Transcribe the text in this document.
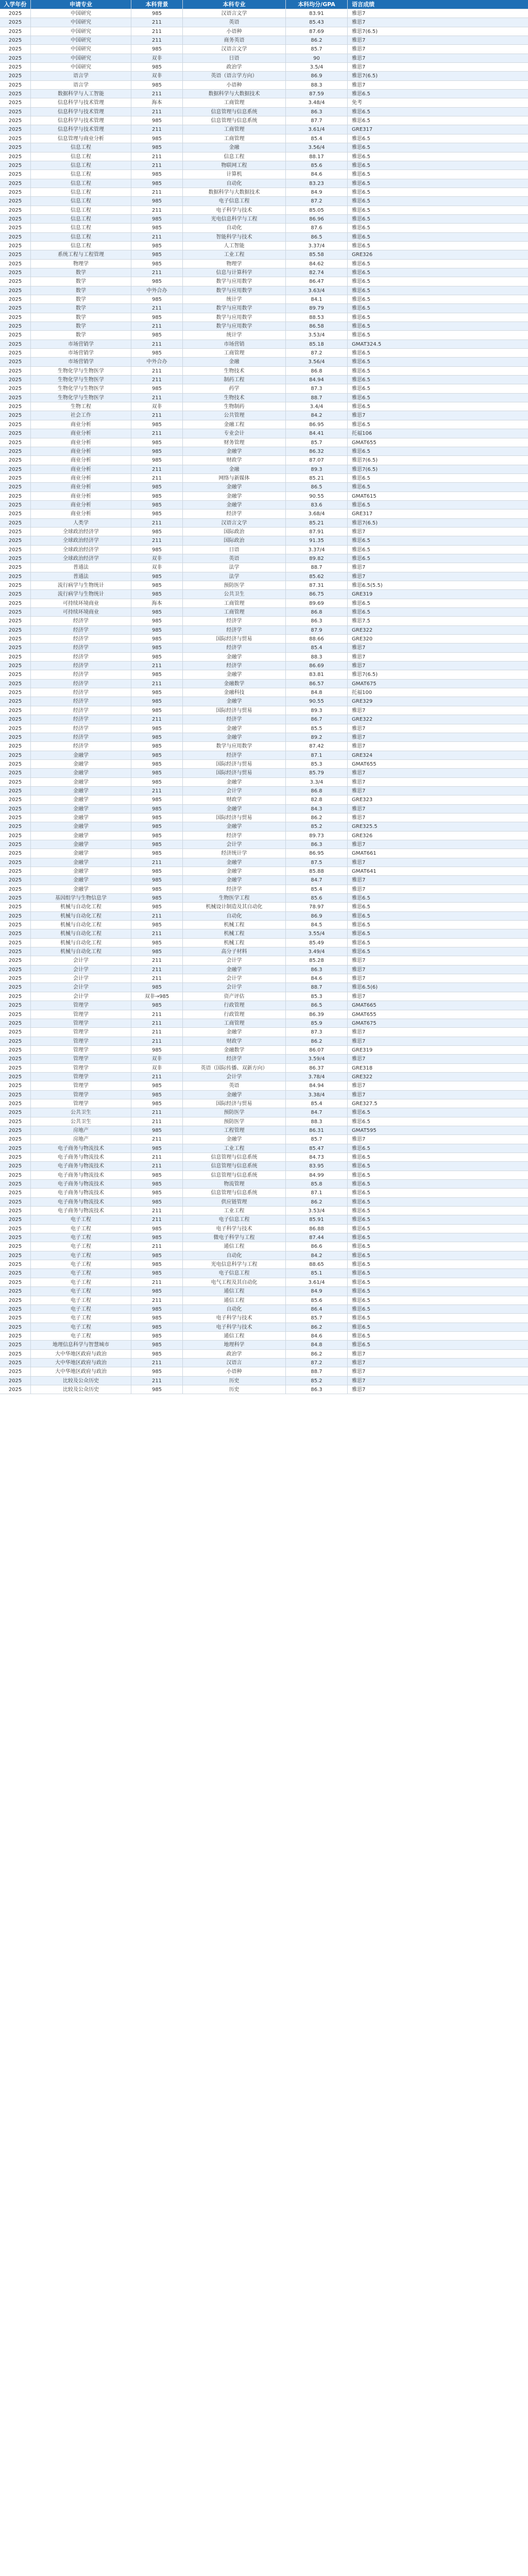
入学年份	申请专业	本科背景	本科专业	本科均分/GPA	语言成绩
2025	中国研究	985	汉语言文学	83.91	雅思7
2025	中国研究	211	英语	85.43	雅思7
2025	中国研究	211	小语种	87.69	雅思7(6.5)
2025	中国研究	211	商务英语	86.2	雅思7
2025	中国研究	985	汉语言文学	85.7	雅思7
2025	中国研究	双非	日语	90	雅思7
2025	中国研究	985	政治学	3.5/4	雅思7
2025	语言学	双非	英语（语言学方向）	86.9	雅思7(6.5)
2025	语言学	985	小语种	88.3	雅思7
2025	数据科学与人工智能	211	数据科学与大数据技术	87.59	雅思6.5
2025	信息科学与技术管理	海本	工商管理	3.48/4	免考
2025	信息科学与技术管理	211	信息管理与信息系统	86.3	雅思6.5
2025	信息科学与技术管理	985	信息管理与信息系统	87.7	雅思6.5
2025	信息科学与技术管理	211	工商管理	3.61/4	GRE317
2025	信息管理与商业分析	985	工商管理	85.4	雅思6.5
2025	信息工程	985	金融	3.56/4	雅思6.5
2025	信息工程	211	信息工程	88.17	雅思6.5
2025	信息工程	211	物联网工程	85.6	雅思6.5
2025	信息工程	985	计算机	84.6	雅思6.5
2025	信息工程	985	自动化	83.23	雅思6.5
2025	信息工程	211	数据科学与大数据技术	84.9	雅思6.5
2025	信息工程	985	电子信息工程	87.2	雅思6.5
2025	信息工程	211	电子科学与技术	85.05	雅思6.5
2025	信息工程	985	光电信息科学与工程	86.96	雅思6.5
2025	信息工程	985	自动化	87.6	雅思6.5
2025	信息工程	211	智能科学与技术	86.5	雅思6.5
2025	信息工程	985	人工智能	3.37/4	雅思6.5
2025	系统工程与工程管理	985	工业工程	85.58	GRE326
2025	物理学	985	物理学	84.62	雅思6.5
2025	数学	211	信息与计算科学	82.74	雅思6.5
2025	数学	985	数学与应用数学	86.47	雅思6.5
2025	数学	中外合办	数学与应用数学	3.63/4	雅思6.5
2025	数学	985	统计学	84.1	雅思6.5
2025	数学	211	数学与应用数学	89.79	雅思6.5
2025	数学	985	数学与应用数学	88.53	雅思6.5
2025	数学	211	数学与应用数学	86.58	雅思6.5
2025	数学	985	统计学	3.53/4	雅思6.5
2025	市场营销学	211	市场营销	85.18	GMAT324.5
2025	市场营销学	985	工商管理	87.2	雅思6.5
2025	市场营销学	中外合办	金融	3.56/4	雅思6.5
2025	生物化学与生物医学	211	生物技术	86.8	雅思6.5
2025	生物化学与生物医学	211	制药工程	84.94	雅思6.5
2025	生物化学与生物医学	985	药学	87.3	雅思6.5
2025	生物化学与生物医学	211	生物技术	88.7	雅思6.5
2025	生物工程	双非	生物制药	3.4/4	雅思6.5
2025	社会工作	211	公共管理	84.2	雅思7
2025	商业分析	985	金融工程	86.95	雅思6.5
2025	商业分析	211	专业会计	84.41	托福106
2025	商业分析	985	财务管理	85.7	GMAT655
2025	商业分析	985	金融学	86.32	雅思6.5
2025	商业分析	985	财政学	87.07	雅思7(6.5)
2025	商业分析	211	金融	89.3	雅思7(6.5)
2025	商业分析	211	网络与新媒体	85.21	雅思6.5
2025	商业分析	985	金融学	86.5	雅思6.5
2025	商业分析	985	金融学	90.55	GMAT615
2025	商业分析	985	金融学	83.6	雅思6.5
2025	商业分析	985	经济学	3.68/4	GRE317
2025	人类学	211	汉语言文学	85.21	雅思7(6.5)
2025	全球政治经济学	985	国际政治	87.91	雅思7
2025	全球政治经济学	211	国际政治	91.35	雅思6.5
2025	全球政治经济学	985	日语	3.37/4	雅思6.5
2025	全球政治经济学	双非	英语	89.82	雅思6.5
2025	普通法	双非	法学	88.7	雅思7
2025	普通法	985	法学	85.62	雅思7
2025	流行病学与生物统计	985	预防医学	87.31	雅思6.5(5.5)
2025	流行病学与生物统计	985	公共卫生	86.75	GRE319
2025	可持续环境商业	海本	工商管理	89.69	雅思6.5
2025	可持续环境商业	985	工商管理	86.8	雅思6.5
2025	经济学	985	经济学	86.3	雅思7.5
2025	经济学	985	经济学	87.9	GRE322
2025	经济学	985	国际经济与贸易	88.66	GRE320
2025	经济学	985	经济学	85.4	雅思7
2025	经济学	985	金融学	88.3	雅思7
2025	经济学	211	经济学	86.69	雅思7
2025	经济学	985	金融学	83.81	雅思7(6.5)
2025	经济学	211	金融数学	86.57	GMAT675
2025	经济学	985	金融科技	84.8	托福100
2025	经济学	985	金融学	90.55	GRE329
2025	经济学	985	国际经济与贸易	89.3	雅思7
2025	经济学	211	经济学	86.7	GRE322
2025	经济学	985	金融学	85.5	雅思7
2025	经济学	985	金融学	89.2	雅思7
2025	经济学	985	数学与应用数学	87.42	雅思7
2025	金融学	985	经济学	87.1	GRE324
2025	金融学	985	国际经济与贸易	85.3	GMAT655
2025	金融学	985	国际经济与贸易	85.79	雅思7
2025	金融学	985	金融学	3.3/4	雅思7
2025	金融学	211	会计学	86.8	雅思7
2025	金融学	985	财政学	82.8	GRE323
2025	金融学	985	金融学	84.3	雅思7
2025	金融学	985	国际经济与贸易	86.2	雅思7
2025	金融学	985	金融学	85.2	GRE325.5
2025	金融学	985	经济学	89.73	GRE326
2025	金融学	985	会计学	86.3	雅思7
2025	金融学	985	经济统计学	86.95	GMAT661
2025	金融学	211	金融学	87.5	雅思7
2025	金融学	985	金融学	85.88	GMAT641
2025	金融学	985	金融学	84.7	雅思7
2025	金融学	985	经济学	85.4	雅思7
2025	基因组学与生物信息学	985	生物医学工程	85.6	雅思6.5
2025	机械与自动化工程	985	机械设计制造及其自动化	78.97	雅思6.5
2025	机械与自动化工程	211	自动化	86.9	雅思6.5
2025	机械与自动化工程	985	机械工程	84.5	雅思6.5
2025	机械与自动化工程	211	机械工程	3.55/4	雅思6.5
2025	机械与自动化工程	985	机械工程	85.49	雅思6.5
2025	机械与自动化工程	985	高分子材料	3.49/4	雅思6.5
2025	会计学	211	会计学	85.28	雅思7
2025	会计学	211	金融学	86.3	雅思7
2025	会计学	211	会计学	84.6	雅思7
2025	会计学	985	会计学	88.7	雅思6.5(6)
2025	会计学	双非→985	资产评估	85.3	雅思7
2025	管理学	985	行政管理	86.5	GMAT665
2025	管理学	211	行政管理	86.39	GMAT655
2025	管理学	211	工商管理	85.9	GMAT675
2025	管理学	211	金融学	87.3	雅思7
2025	管理学	211	财政学	86.2	雅思7
2025	管理学	985	金融数学	86.07	GRE319
2025	管理学	双非	经济学	3.59/4	雅思7
2025	管理学	双非	英语（国际传播、双新方向）	86.37	GRE318
2025	管理学	211	会计学	3.78/4	GRE322
2025	管理学	985	英语	84.94	雅思7
2025	管理学	985	金融学	3.38/4	雅思7
2025	管理学	985	国际经济与贸易	85.4	GRE327.5
2025	公共卫生	211	预防医学	84.7	雅思6.5
2025	公共卫生	211	预防医学	88.3	雅思6.5
2025	房地产	985	工程管理	86.31	GMAT595
2025	房地产	211	金融学	85.7	雅思7
2025	电子商务与物流技术	985	工业工程	85.47	雅思6.5
2025	电子商务与物流技术	211	信息管理与信息系统	84.73	雅思6.5
2025	电子商务与物流技术	211	信息管理与信息系统	83.95	雅思6.5
2025	电子商务与物流技术	985	信息管理与信息系统	84.99	雅思6.5
2025	电子商务与物流技术	985	物流管理	85.8	雅思6.5
2025	电子商务与物流技术	985	信息管理与信息系统	87.1	雅思6.5
2025	电子商务与物流技术	985	供应链管理	86.2	雅思6.5
2025	电子商务与物流技术	211	工业工程	3.53/4	雅思6.5
2025	电子工程	211	电子信息工程	85.91	雅思6.5
2025	电子工程	985	电子科学与技术	86.88	雅思6.5
2025	电子工程	985	微电子科学与工程	87.44	雅思6.5
2025	电子工程	211	通信工程	86.6	雅思6.5
2025	电子工程	985	自动化	84.2	雅思6.5
2025	电子工程	985	光电信息科学与工程	88.65	雅思6.5
2025	电子工程	985	电子信息工程	85.1	雅思6.5
2025	电子工程	211	电气工程及其自动化	3.61/4	雅思6.5
2025	电子工程	985	通信工程	84.9	雅思6.5
2025	电子工程	211	通信工程	85.6	雅思6.5
2025	电子工程	985	自动化	86.4	雅思6.5
2025	电子工程	985	电子科学与技术	85.7	雅思6.5
2025	电子工程	985	电子科学与技术	86.2	雅思6.5
2025	电子工程	985	通信工程	84.6	雅思6.5
2025	地理信息科学与智慧城市	985	地理科学	84.8	雅思6.5
2025	大中华地区政府与政治	985	政治学	86.2	雅思7
2025	大中华地区政府与政治	211	汉语言	87.2	雅思7
2025	大中华地区政府与政治	985	小语种	88.7	雅思7
2025	比较及公众历史	211	历史	85.2	雅思7
2025	比较及公众历史	985	历史	86.3	雅思7
